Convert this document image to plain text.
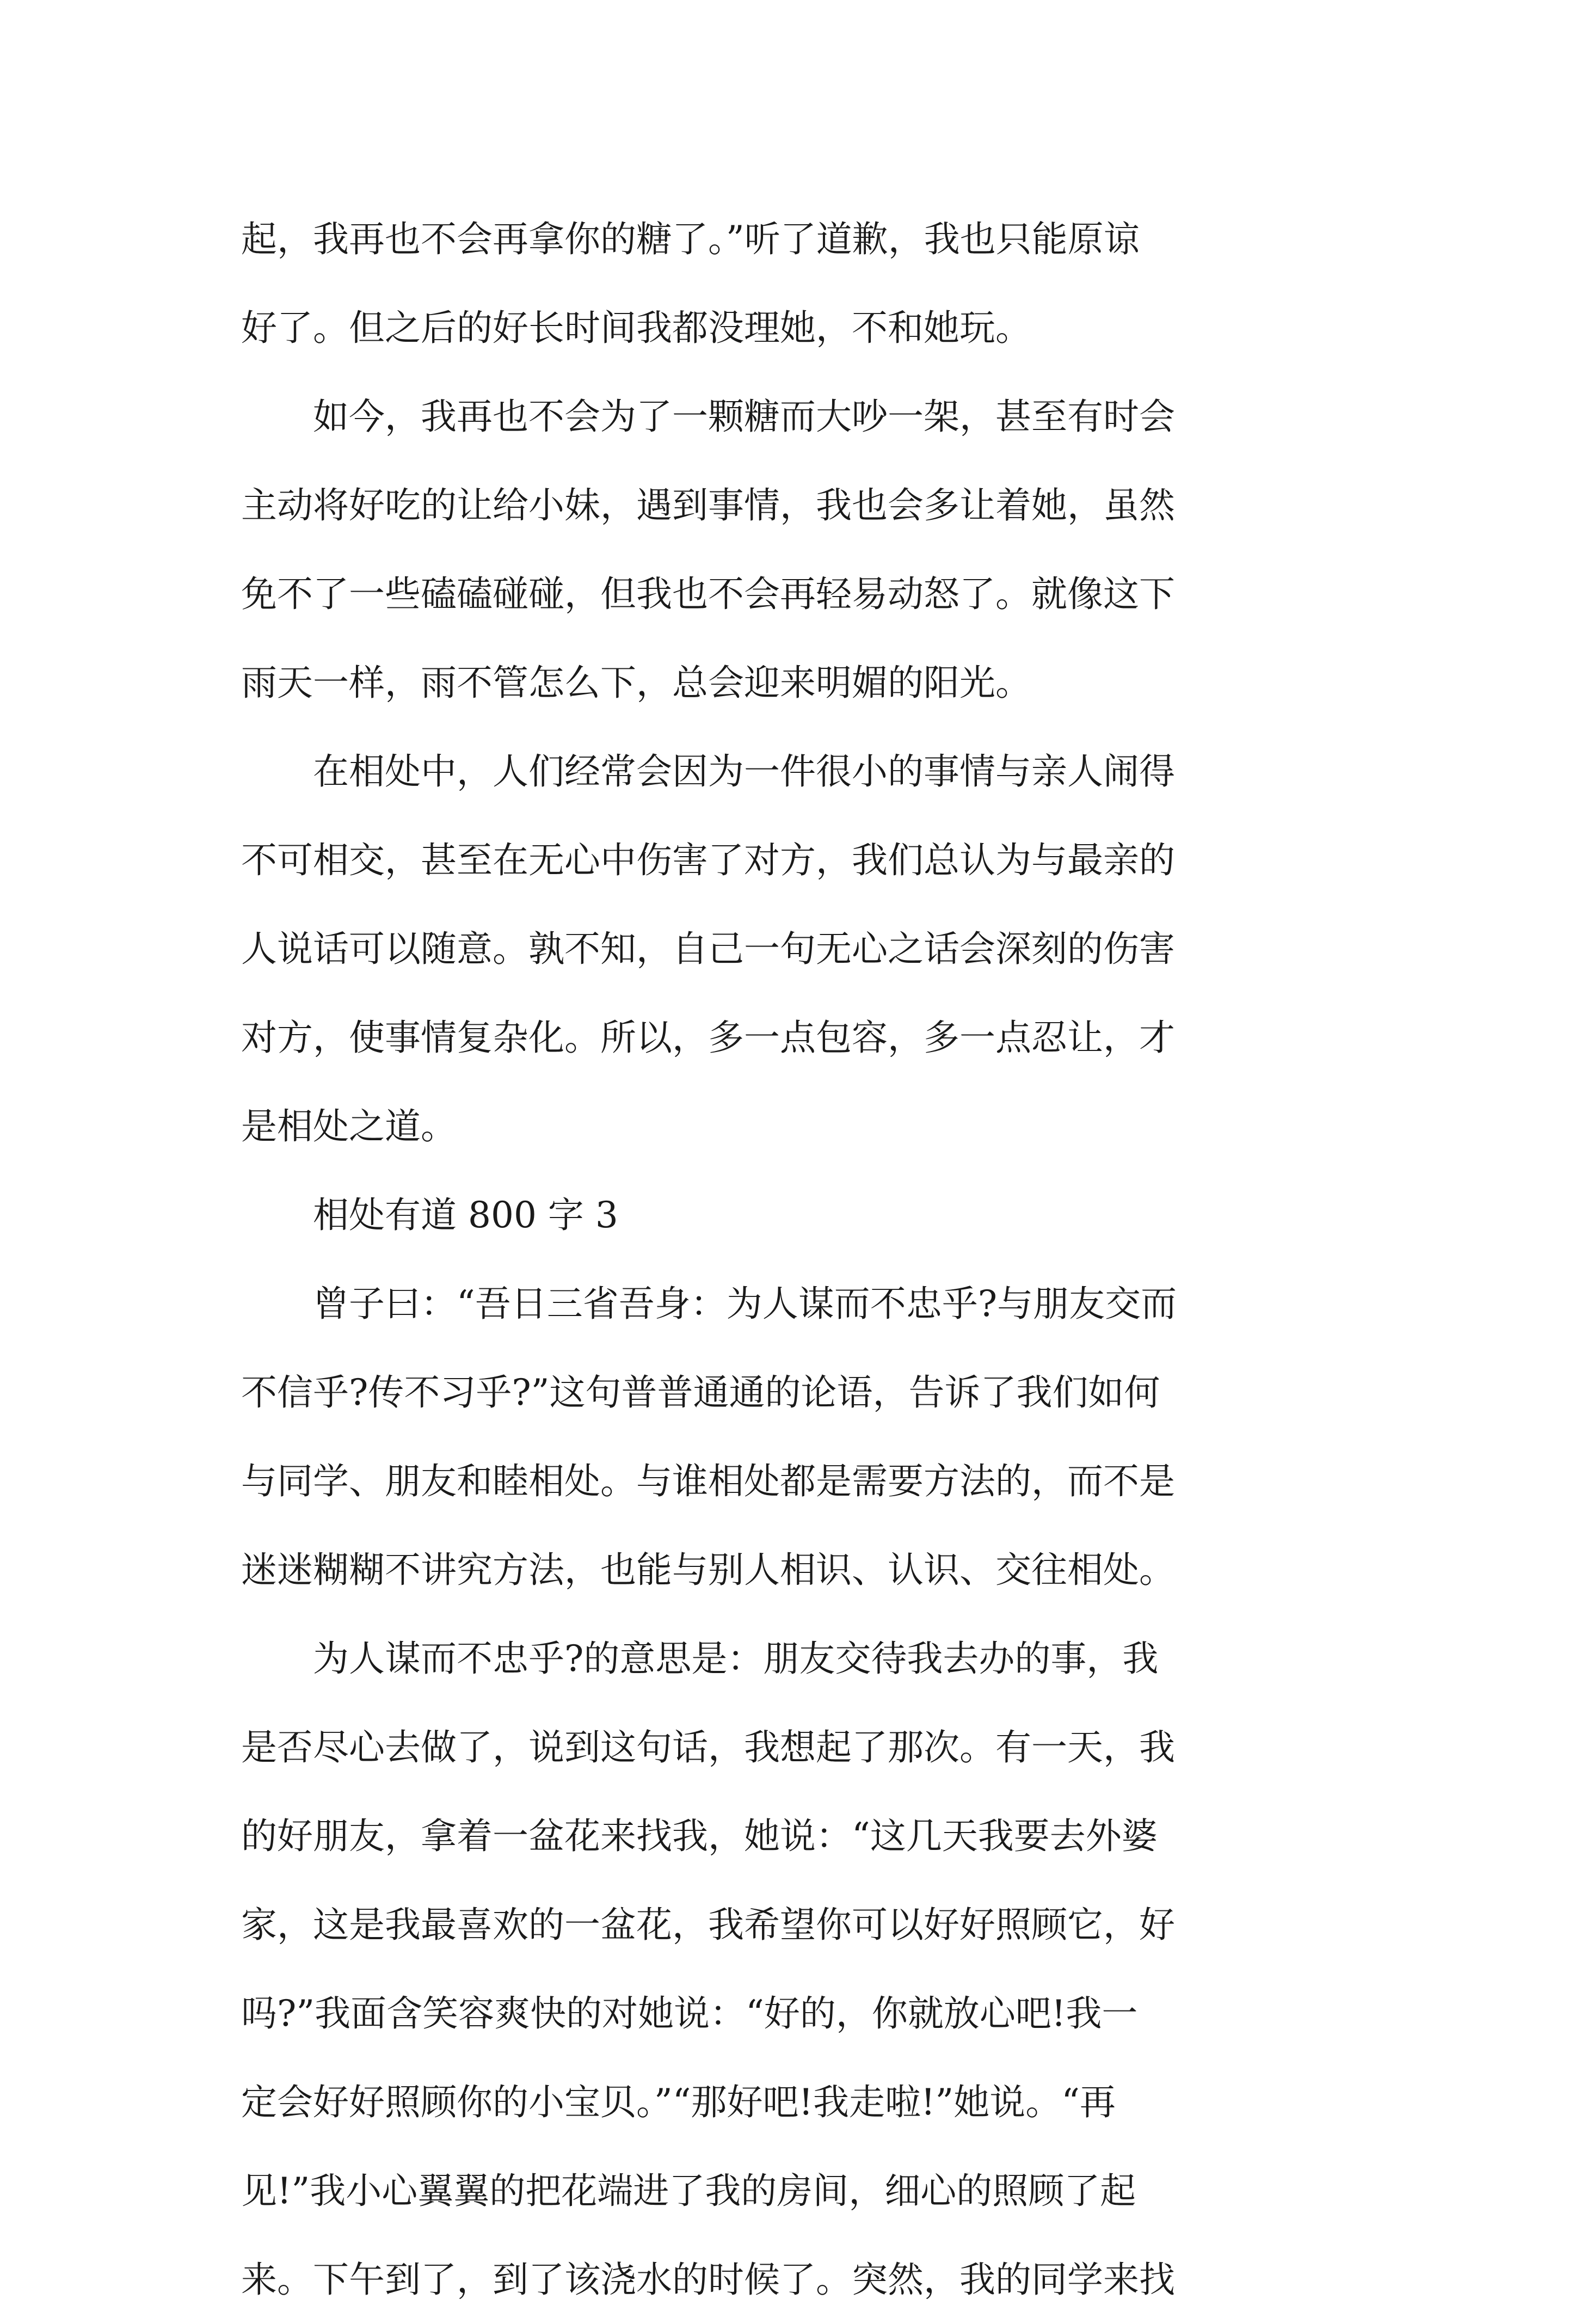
起，我再也不会再拿你的糖了。”听了道歉，我也只能原谅
好了。但之后的好长时间我都没理她，不和她玩。
　　如今，我再也不会为了一颗糖而大吵一架，甚至有时会
主动将好吃的让给小妹，遇到事情，我也会多让着她，虽然
免不了一些磕磕碰碰，但我也不会再轻易动怒了。就像这下
雨天一样，雨不管怎么下，总会迎来明媚的阳光。
　　在相处中，人们经常会因为一件很小的事情与亲人闹得
不可相交，甚至在无心中伤害了对方，我们总认为与最亲的
人说话可以随意。孰不知，自己一句无心之话会深刻的伤害
对方，使事情复杂化。所以，多一点包容，多一点忍让，才
是相处之道。
　　相处有道 800 字 3
　　曾子曰：“吾日三省吾身：为人谋而不忠乎?与朋友交而
不信乎?传不习乎?”这句普普通通的论语，告诉了我们如何
与同学、朋友和睦相处。与谁相处都是需要方法的，而不是
迷迷糊糊不讲究方法，也能与别人相识、认识、交往相处。
　　为人谋而不忠乎?的意思是：朋友交待我去办的事，我
是否尽心去做了，说到这句话，我想起了那次。有一天，我
的好朋友，拿着一盆花来找我，她说：“这几天我要去外婆
家，这是我最喜欢的一盆花，我希望你可以好好照顾它，好
吗?”我面含笑容爽快的对她说：“好的，你就放心吧!我一
定会好好照顾你的小宝贝。”“那好吧!我走啦!”她说。“再
见!”我小心翼翼的把花端进了我的房间，细心的照顾了起
来。下午到了，到了该浇水的时候了。突然，我的同学来找
